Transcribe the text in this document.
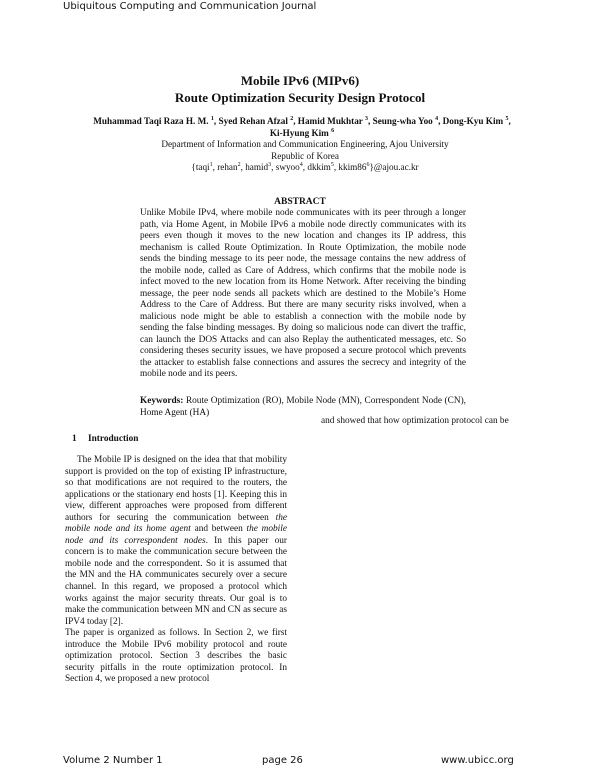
Ubiquitous Computing and Communication Journal
Mobile IPv6 (MIPv6)
Route Optimization Security Design Protocol
Muhammad Taqi Raza H. M. $^1$, Syed Rehan Afzal $^2$, Hamid Mukhtar $^3$, Seung-wha Yoo $^4$, Dong-Kyu Kim $^5$,
Ki-Hyung Kim $^6$
Department of Information and Communication Engineering, Ajou University
Republic of Korea
{taqi$^1$, rehan$^2$, hamid$^3$, swyoo$^4$, dkkim$^5$, $kkim86^6\}@ajou.ac.kr$
ABSTRACT
Unlike Mobile IPv4, where mobile node communicates with its peer through a longer path, via Home Agent, in Mobile IPv6 a mobile node directly communicates with its peers even though it moves to the new location and changes its IP address, this mechanism is called Route Optimization. In Route Optimization, the mobile node sends the binding message to its peer node, the message contains the new address of the mobile node, called as Care of Address, which confirms that the mobile node is infect moved to the new location from its Home Network. After receiving the binding message, the peer node sends all packets which are destined to the Mobile’s Home Address to the Care of Address. But there are many security risks involved, when a malicious node might be able to establish a connection with the mobile node by sending the false binding messages. By doing so malicious node can divert the traffic, can launch the DOS Attacks and can also Replay the authenticated messages, etc. So considering theses security issues, we have proposed a secure protocol which prevents the attacker to establish false connections and assures the secrecy and integrity of the mobile node and its peers.
Keywords: Route Optimization (RO), Mobile Node (MN), Correspondent Node (CN), Home Agent (HA)
1 Introduction

The Mobile IP is designed on the idea that that mobility support is provided on the top of existing IP infrastructure, so that modifications are not required to the routers, the applications or the stationary end hosts [1]. Keeping this in view, different approaches were proposed from different authors for securing the communication between the mobile node and its home agent and between the mobile node and its correspondent nodes. In this paper our concern is to make the communication secure between the mobile node and the correspondent. So it is assumed that the MN and the HA communicates securely over a secure channel. In this regard, we proposed a protocol which works against the major security threats. Our goal is to make the communication between MN and CN as secure as IPV4 today [2].

The paper is organized as follows. In Section 2, we first introduce the Mobile IPv6 mobility protocol and route optimization protocol. Section 3 describes the basic security pitfalls in the route optimization protocol. In Section 4, we proposed a new protocol

and showed that how optimization protocol can be
Volume 2 Number 1	page 26	www.ubicc.org
